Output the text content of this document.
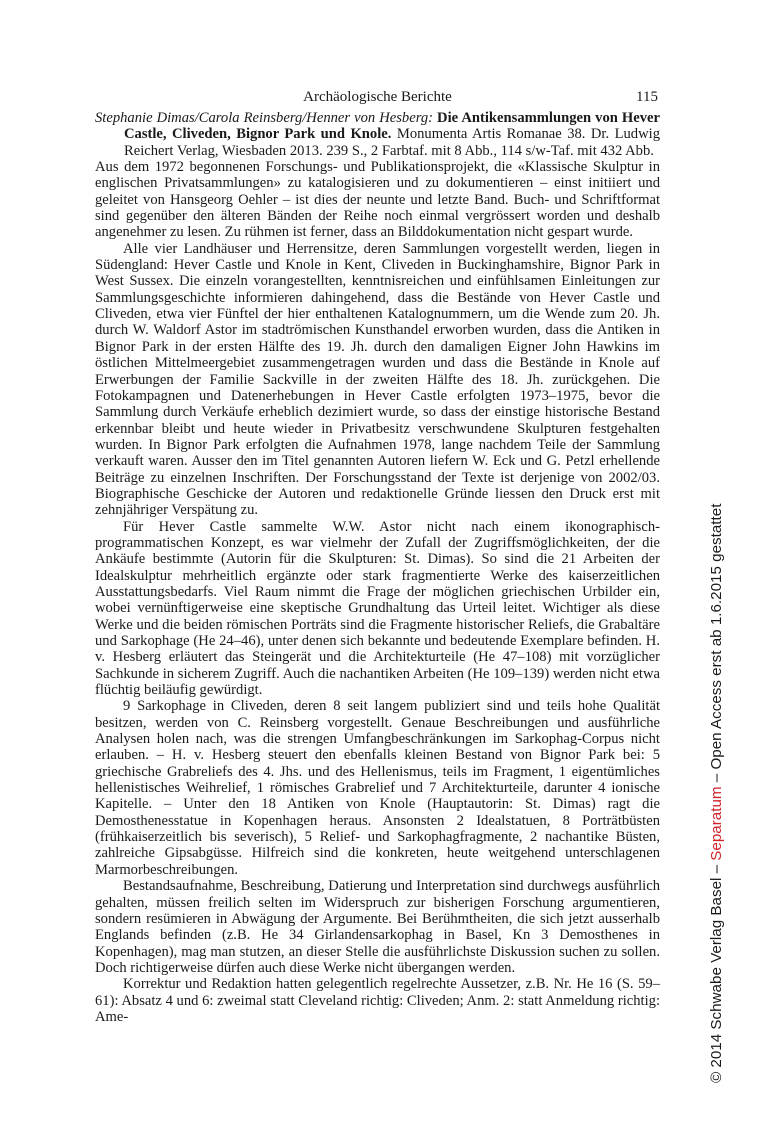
Archäologische Berichte	115

Stephanie Dimas/Carola Reinsberg/Henner von Hesberg: Die Antikensammlungen von Hever Castle, Cliveden, Bignor Park und Knole. Monumenta Artis Romanae 38. Dr. Ludwig Reichert Verlag, Wiesbaden 2013. 239 S., 2 Farbtaf. mit 8 Abb., 114 s/w-Taf. mit 432 Abb.

Aus dem 1972 begonnenen Forschungs- und Publikationsprojekt, die «Klassische Skulptur in englischen Privatsammlungen» zu katalogisieren und zu dokumentieren – einst initiiert und geleitet von Hansgeorg Oehler – ist dies der neunte und letzte Band. Buch- und Schriftformat sind gegenüber den älteren Bänden der Reihe noch einmal vergrössert worden und deshalb angenehmer zu lesen. Zu rühmen ist ferner, dass an Bilddokumentation nicht gespart wurde.

Alle vier Landhäuser und Herrensitze, deren Sammlungen vorgestellt werden, liegen in Südengland: Hever Castle und Knole in Kent, Cliveden in Buckinghamshire, Bignor Park in West Sussex. Die einzeln vorangestellten, kenntnisreichen und einfühlsamen Einleitungen zur Sammlungsgeschichte informieren dahingehend, dass die Bestände von Hever Castle und Cliveden, etwa vier Fünftel der hier enthaltenen Katalognummern, um die Wende zum 20. Jh. durch W. Waldorf Astor im stadtrömischen Kunsthandel erworben wurden, dass die Antiken in Bignor Park in der ersten Hälfte des 19. Jh. durch den damaligen Eigner John Hawkins im östlichen Mittelmeergebiet zusammengetragen wurden und dass die Bestände in Knole auf Erwerbungen der Familie Sackville in der zweiten Hälfte des 18. Jh. zurückgehen. Die Fotokampagnen und Datenerhebungen in Hever Castle erfolgten 1973–1975, bevor die Sammlung durch Verkäufe erheblich dezimiert wurde, so dass der einstige historische Bestand erkennbar bleibt und heute wieder in Privatbesitz verschwundene Skulpturen festgehalten wurden. In Bignor Park erfolgten die Aufnahmen 1978, lange nachdem Teile der Sammlung verkauft waren. Ausser den im Titel genannten Autoren liefern W. Eck und G. Petzl erhellende Beiträge zu einzelnen Inschriften. Der Forschungsstand der Texte ist derjenige von 2002/03. Biographische Geschicke der Autoren und redaktionelle Gründe liessen den Druck erst mit zehnjähriger Verspätung zu.

Für Hever Castle sammelte W.W. Astor nicht nach einem ikonographisch-programmatischen Konzept, es war vielmehr der Zufall der Zugriffsmöglichkeiten, der die Ankäufe bestimmte (Autorin für die Skulpturen: St. Dimas). So sind die 21 Arbeiten der Idealskulptur mehrheitlich ergänzte oder stark fragmentierte Werke des kaiserzeitlichen Ausstattungsbedarfs. Viel Raum nimmt die Frage der möglichen griechischen Urbilder ein, wobei vernünftigerweise eine skeptische Grundhaltung das Urteil leitet. Wichtiger als diese Werke und die beiden römischen Porträts sind die Fragmente historischer Reliefs, die Grabaltäre und Sarkophage (He 24–46), unter denen sich bekannte und bedeutende Exemplare befinden. H. v. Hesberg erläutert das Steingerät und die Architekturteile (He 47–108) mit vorzüglicher Sachkunde in sicherem Zugriff. Auch die nachantiken Arbeiten (He 109–139) werden nicht etwa flüchtig beiläufig gewürdigt.

9 Sarkophage in Cliveden, deren 8 seit langem publiziert sind und teils hohe Qualität besitzen, werden von C. Reinsberg vorgestellt. Genaue Beschreibungen und ausführliche Analysen holen nach, was die strengen Umfangbeschränkungen im Sarkophag-Corpus nicht erlauben. – H. v. Hesberg steuert den ebenfalls kleinen Bestand von Bignor Park bei: 5 griechische Grabreliefs des 4. Jhs. und des Hellenismus, teils im Fragment, 1 eigentümliches hellenistisches Weihrelief, 1 römisches Grabrelief und 7 Architekturteile, darunter 4 ionische Kapitelle. – Unter den 18 Antiken von Knole (Hauptautorin: St. Dimas) ragt die Demosthenesstatue in Kopenhagen heraus. Ansonsten 2 Idealstatuen, 8 Porträtbüsten (frühkaiserzeitlich bis severisch), 5 Relief- und Sarkophagfragmente, 2 nachantike Büsten, zahlreiche Gipsabgüsse. Hilfreich sind die konkreten, heute weitgehend unterschlagenen Marmorbeschreibungen.

Bestandsaufnahme, Beschreibung, Datierung und Interpretation sind durchwegs ausführlich gehalten, müssen freilich selten im Widerspruch zur bisherigen Forschung argumentieren, sondern resümieren in Abwägung der Argumente. Bei Berühmtheiten, die sich jetzt ausserhalb Englands befinden (z.B. He 34 Girlandensarkophag in Basel, Kn 3 Demosthenes in Kopenhagen), mag man stutzen, an dieser Stelle die ausführlichste Diskussion suchen zu sollen. Doch richtigerweise dürfen auch diese Werke nicht übergangen werden.

Korrektur und Redaktion hatten gelegentlich regelrechte Aussetzer, z.B. Nr. He 16 (S. 59–61): Absatz 4 und 6: zweimal statt Cleveland richtig: Cliveden; Anm. 2: statt Anmeldung richtig: Ame-	© 2014 Schwabe Verlag Basel – Separatum – Open Access erst ab 1.6.2015 gestattet
